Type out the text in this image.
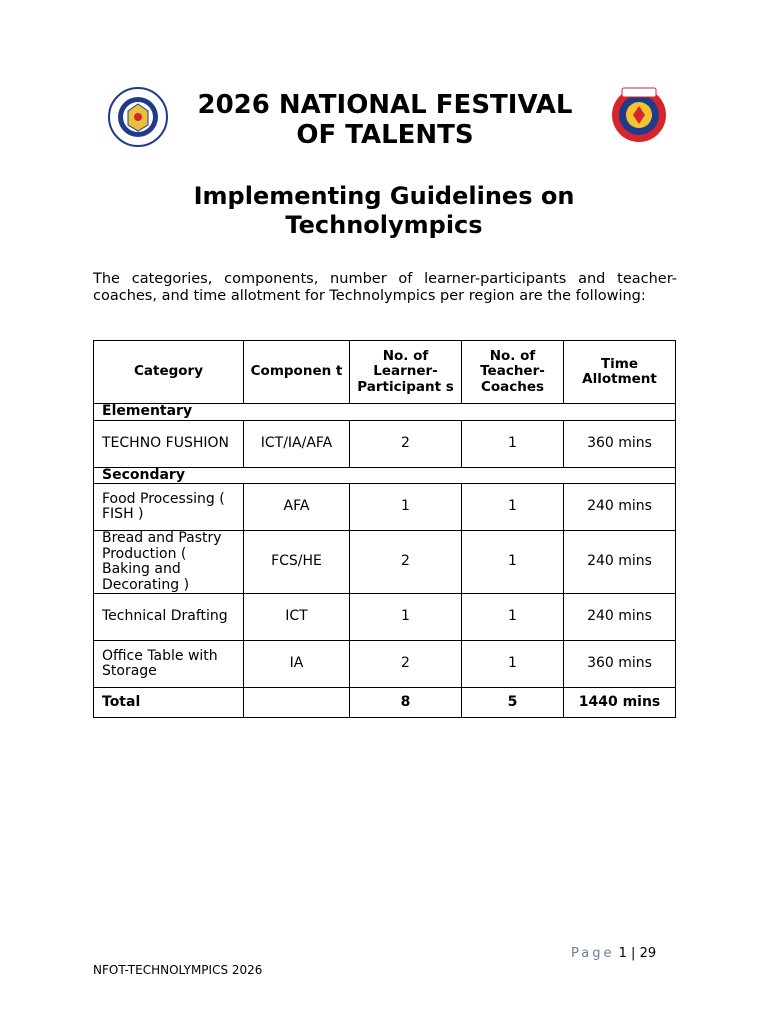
2026 NATIONAL FESTIVAL
OF TALENTS
Implementing Guidelines on
Technolympics
The categories, components, number of learner-participants and teacher-coaches, and time allotment for Technolympics per region are the following:
Category	Componen t	No. of Learner-Participant s	No. of Teacher-Coaches	Time Allotment
Elementary				
TECHNO FUSHION	ICT/IA/AFA	2	1	360 mins
Secondary				
Food Processing ( FISH )	AFA	1	1	240 mins
Bread and Pastry Production ( Baking and Decorating )	FCS/HE	2	1	240 mins
Technical Drafting	ICT	1	1	240 mins
Office Table with Storage	IA	2	1	360 mins
Total		8	5	1440 mins
Page 1 | 29
NFOT-TECHNOLYMPICS 2026
